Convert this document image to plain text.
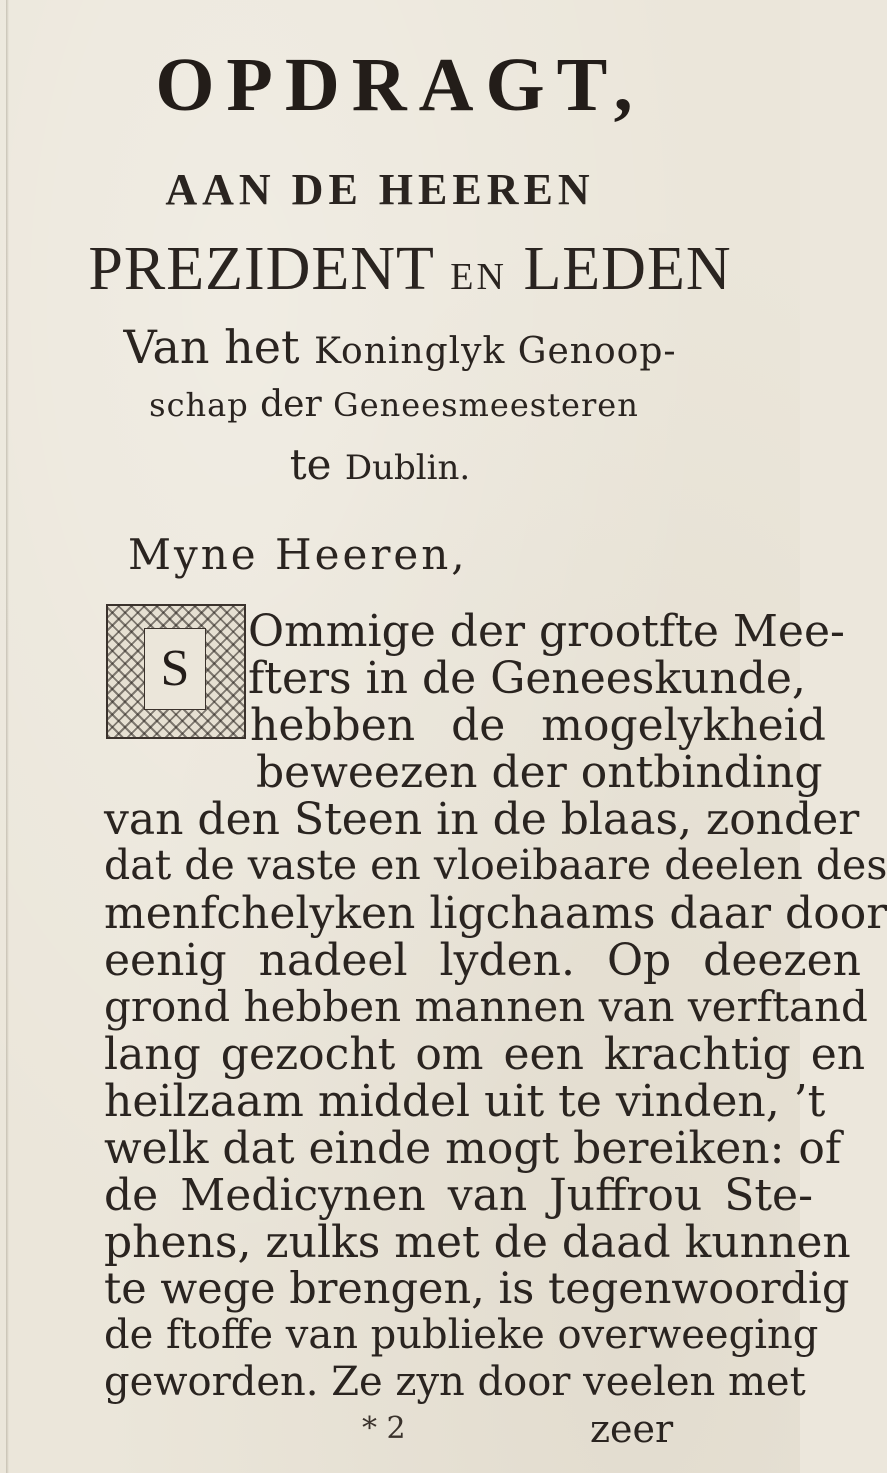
OPDRAGT,
AAN DE HEEREN
PREZIDENT EN LEDEN
Van het Koninglyk Genoop-
schap der Geneesmeesteren
te Dublin.
Myne Heeren,
S
Ommige der grootfte Mee-
fters in de Geneeskunde,
hebben de mogelykheid
beweezen der ontbinding
van den Steen in de blaas, zonder
dat de vaste en vloeibaare deelen des
menfchelyken ligchaams daar door
eenig nadeel lyden. Op deezen
grond hebben mannen van verftand
lang gezocht om een krachtig en
heilzaam middel uit te vinden, ’t
welk dat einde mogt bereiken: of
de Medicynen van Juffrou Ste-
phens, zulks met de daad kunnen
te wege brengen, is tegenwoordig
de ftoffe van publieke overweeging
geworden. Ze zyn door veelen met
* 2	zeer
